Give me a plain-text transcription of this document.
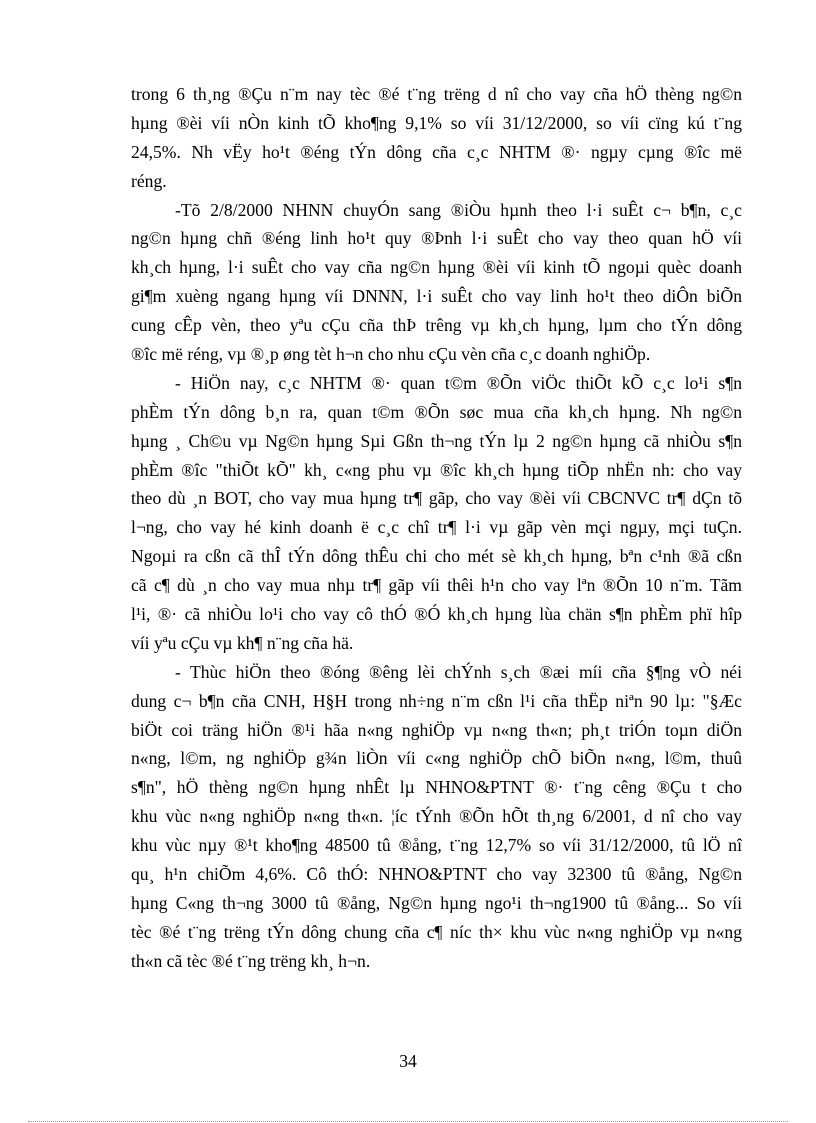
trong 6 th¸ng ®Çu n¨m nay tèc ®é t¨ng trëng d nî cho vay cña hÖ thèng ng©n
hµng ®èi víi nÒn kinh tÕ kho¶ng 9,1% so víi 31/12/2000, so víi cïng kú t¨ng
24,5%. Nh vËy ho¹t ®éng tÝn dông cña c¸c NHTM ®· ngµy cµng ®îc më
réng.
-Tõ 2/8/2000 NHNN chuyÓn sang ®iÒu hµnh theo l·i suÊt c¬ b¶n, c¸c
ng©n hµng chñ ®éng linh ho¹t quy ®Þnh l·i suÊt cho vay theo quan hÖ víi
kh¸ch hµng, l·i suÊt cho vay cña ng©n hµng ®èi víi kinh tÕ ngoµi quèc doanh
gi¶m xuèng ngang hµng víi DNNN, l·i suÊt cho vay linh ho¹t theo diÔn biÕn
cung cÊp vèn, theo yªu cÇu cña thÞ trêng vµ kh¸ch hµng, lµm cho tÝn dông
®îc më réng, vµ ®¸p øng tèt h¬n cho nhu cÇu vèn cña c¸c doanh nghiÖp.
- HiÖn nay, c¸c NHTM ®· quan t©m ®Õn viÖc thiÕt kÕ c¸c lo¹i s¶n
phÈm tÝn dông b¸n ra, quan t©m ®Õn søc mua cña kh¸ch hµng. Nh ng©n
hµng ¸ Ch©u vµ Ng©n hµng Sµi Gßn th¬ng tÝn lµ 2 ng©n hµng cã nhiÒu s¶n
phÈm ®îc "thiÕt kÕ" kh¸ c«ng phu vµ ®îc kh¸ch hµng tiÕp nhËn nh: cho vay
theo dù ¸n BOT, cho vay mua hµng tr¶ gãp, cho vay ®èi víi CBCNVC tr¶ dÇn tõ
l¬ng, cho vay hé kinh doanh ë c¸c chî tr¶ l·i vµ gãp vèn mçi ngµy, mçi tuÇn.
Ngoµi ra cßn cã thÎ tÝn dông thÊu chi cho mét sè kh¸ch hµng, bªn c¹nh ®ã cßn
cã c¶ dù ¸n cho vay mua nhµ tr¶ gãp víi thêi h¹n cho vay lªn ®Õn 10 n¨m. Tãm
l¹i, ®· cã nhiÒu lo¹i cho vay cô thÓ ®Ó kh¸ch hµng lùa chän s¶n phÈm phï hîp
víi yªu cÇu vµ kh¶ n¨ng cña hä.
- Thùc hiÖn theo ®óng ®êng lèi chÝnh s¸ch ®æi míi cña §¶ng vÒ néi
dung c¬ b¶n cña CNH, H§H trong nh÷ng n¨m cßn l¹i cña thËp niªn 90 lµ: "§Æc
biÖt coi träng hiÖn ®¹i hãa n«ng nghiÖp vµ n«ng th«n; ph¸t triÓn toµn diÖn
n«ng, l©m, ng nghiÖp g¾n liÒn víi c«ng nghiÖp chÕ biÕn n«ng, l©m, thuû
s¶n", hÖ thèng ng©n hµng nhÊt lµ NHNO&PTNT ®· t¨ng cêng ®Çu t cho
khu vùc n«ng nghiÖp n«ng th«n. ¦íc tÝnh ®Õn hÕt th¸ng 6/2001, d nî cho vay
khu vùc nµy ®¹t kho¶ng 48500 tû ®ång, t¨ng 12,7% so víi 31/12/2000, tû lÖ nî
qu¸ h¹n chiÕm 4,6%. Cô thÓ: NHNO&PTNT cho vay 32300 tû ®ång, Ng©n
hµng C«ng th¬ng 3000 tû ®ång, Ng©n hµng ngo¹i th¬ng1900 tû ®ång... So víi
tèc ®é t¨ng trëng tÝn dông chung cña c¶ níc th× khu vùc n«ng nghiÖp vµ n«ng
th«n cã tèc ®é t¨ng trëng kh¸ h¬n.
34
